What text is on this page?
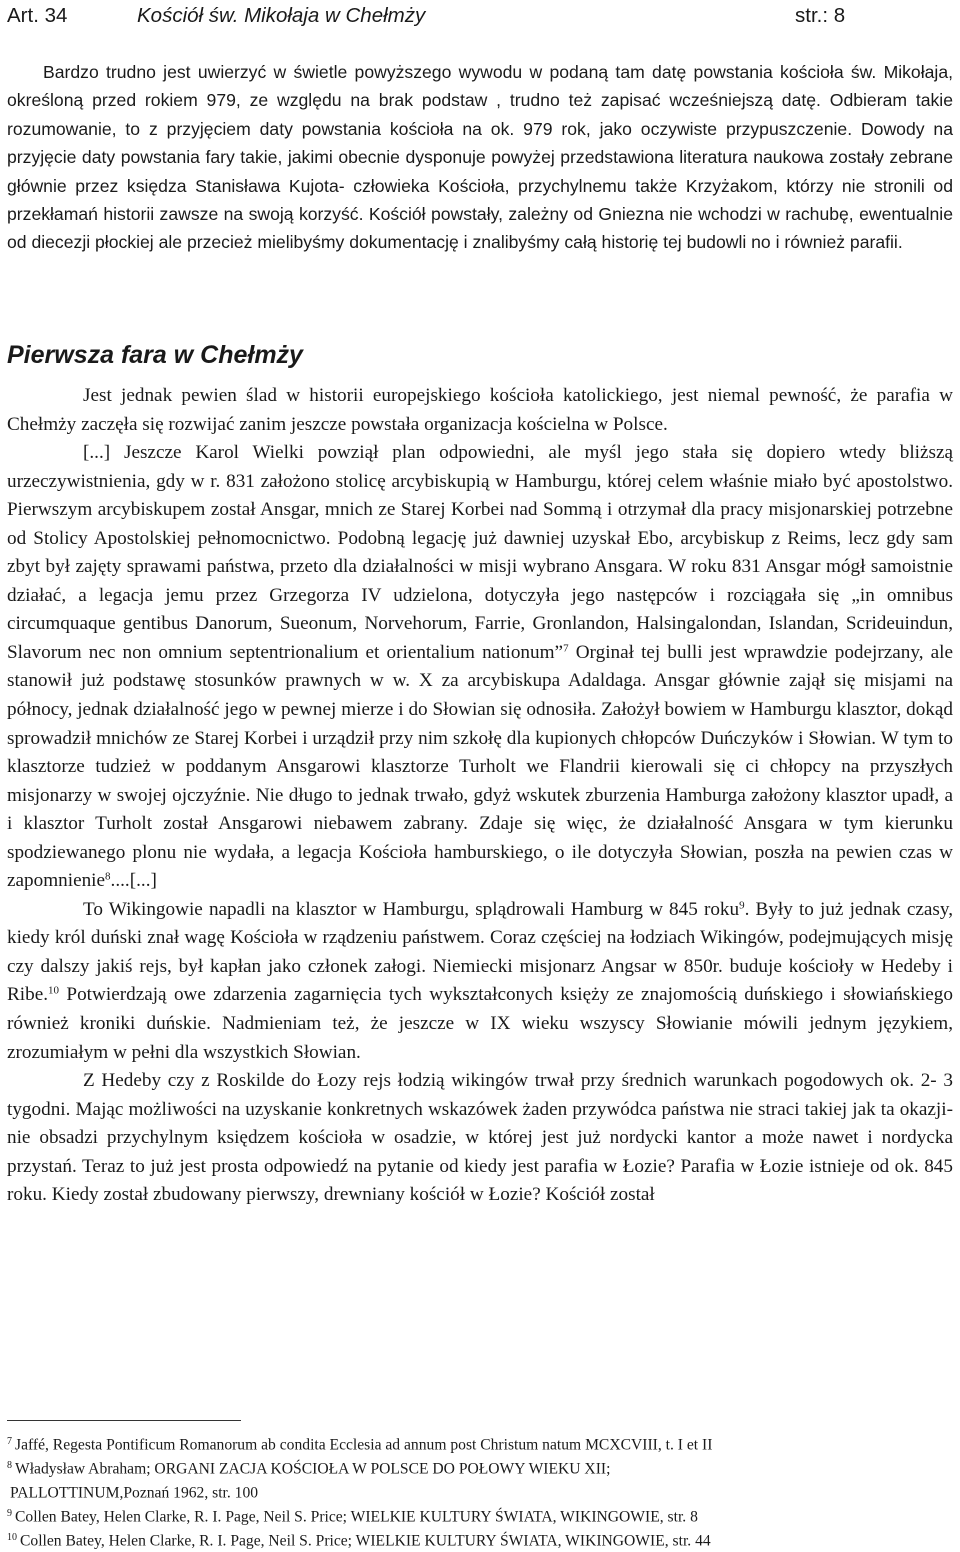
Art. 34	Kościół św. Mikołaja w Chełmży	str.: 8

Bardzo trudno jest uwierzyć w świetle powyższego wywodu w podaną tam datę powstania kościoła św. Mikołaja, określoną przed rokiem 979, ze względu na brak podstaw , trudno też zapisać wcześniejszą datę. Odbieram takie rozumowanie, to z przyjęciem daty powstania kościoła na ok. 979 rok, jako oczywiste przypuszczenie. Dowody na przyjęcie daty powstania fary takie, jakimi obecnie dysponuje powyżej przedstawiona literatura naukowa zostały zebrane głównie przez księdza Stanisława Kujota- człowieka Kościoła, przychylnemu także Krzyżakom, którzy nie stronili od przekłamań historii zawsze na swoją korzyść. Kościół powstały, zależny od Gniezna nie wchodzi w rachubę, ewentualnie od diecezji płockiej ale przecież mielibyśmy dokumentację i znalibyśmy całą historię tej budowli no i również parafii.

Pierwsza fara w Chełmży

Jest jednak pewien ślad w historii europejskiego kościoła katolickiego, jest niemal pewność, że parafia w Chełmży zaczęła się rozwijać zanim jeszcze powstała organizacja kościelna w Polsce.

[...] Jeszcze Karol Wielki powziął plan odpowiedni, ale myśl jego stała się dopiero wtedy bliższą urzeczywistnienia, gdy w r. 831 założono stolicę arcybiskupią w Hamburgu, której celem właśnie miało być apostolstwo. Pierwszym arcybiskupem został Ansgar, mnich ze Starej Korbei nad Sommą i otrzymał dla pracy misjonarskiej potrzebne od Stolicy Apostolskiej pełnomocnictwo. Podobną legację już dawniej uzyskał Ebo, arcybiskup z Reims, lecz gdy sam zbyt był zajęty sprawami państwa, przeto dla działalności w misji wybrano Ansgara. W roku 831 Ansgar mógł samoistnie działać, a legacja jemu przez Grzegorza IV udzielona, dotyczyła jego następców i rozciągała się „in omnibus circumquaque gentibus Danorum, Sueonum, Norvehorum, Farrie, Gronlandon, Halsingalondan, Islandan, Scrideuindun, Slavorum nec non omnium septentrionalium et orientalium nationum”$^7$ Orginał tej bulli jest wprawdzie podejrzany, ale stanowił już podstawę stosunków prawnych w w. X za arcybiskupa Adaldaga. Ansgar głównie zajął się misjami na północy, jednak działalność jego w pewnej mierze i do Słowian się odnosiła. Założył bowiem w Hamburgu klasztor, dokąd sprowadził mnichów ze Starej Korbei i urządził przy nim szkołę dla kupionych chłopców Duńczyków i Słowian. W tym to klasztorze tudzież w poddanym Ansgarowi klasztorze Turholt we Flandrii kierowali się ci chłopcy na przyszłych misjonarzy w swojej ojczyźnie. Nie długo to jednak trwało, gdyż wskutek zburzenia Hamburga założony klasztor upadł, a i klasztor Turholt został Ansgarowi niebawem zabrany. Zdaje się więc, że działalność Ansgara w tym kierunku spodziewanego plonu nie wydała, a legacja Kościoła hamburskiego, o ile dotyczyła Słowian, poszła na pewien czas w zapomnienie$^8$....[...]

To Wikingowie napadli na klasztor w Hamburgu, splądrowali Hamburg w 845 roku$^9$. Były to już jednak czasy, kiedy król duński znał wagę Kościoła w rządzeniu państwem. Coraz częściej na łodziach Wikingów, podejmujących misję czy dalszy jakiś rejs, był kapłan jako członek załogi. Niemiecki misjonarz Angsar w 850r. buduje kościoły w Hedeby i Ribe.$^{10}$ Potwierdzają owe zdarzenia zagarnięcia tych wykształconych księży ze znajomością duńskiego i słowiańskiego również kroniki duńskie. Nadmieniam też, że jeszcze w IX wieku wszyscy Słowianie mówili jednym językiem, zrozumiałym w pełni dla wszystkich Słowian.

Z Hedeby czy z Roskilde do Łozy rejs łodzią wikingów trwał przy średnich warunkach pogodowych ok. 2- 3 tygodni. Mając możliwości na uzyskanie konkretnych wskazówek żaden przywódca państwa nie straci takiej jak ta okazji- nie obsadzi przychylnym księdzem kościoła w osadzie, w której jest już nordycki kantor a może nawet i nordycka przystań. Teraz to już jest prosta odpowiedź na pytanie od kiedy jest parafia w Łozie? Parafia w Łozie istnieje od ok. 845 roku. Kiedy został zbudowany pierwszy, drewniany kościół w Łozie? Kościół został

$^7$ Jaffé, Regesta Pontificum Romanorum ab condita Ecclesia ad annum post Christum natum MCXCVIII, t. I et II

$^8$ Władysław Abraham; ORGANI ZACJA KOŚCIOŁA W POLSCE DO POŁOWY WIEKU XII;

PALLOTTINUM,Poznań 1962, str. 100

$^9$ Collen Batey, Helen Clarke, R. I. Page, Neil S. Price; WIELKIE KULTURY ŚWIATA, WIKINGOWIE, str. 8

$^{10}$ Collen Batey, Helen Clarke, R. I. Page, Neil S. Price; WIELKIE KULTURY ŚWIATA, WIKINGOWIE, str. 44
